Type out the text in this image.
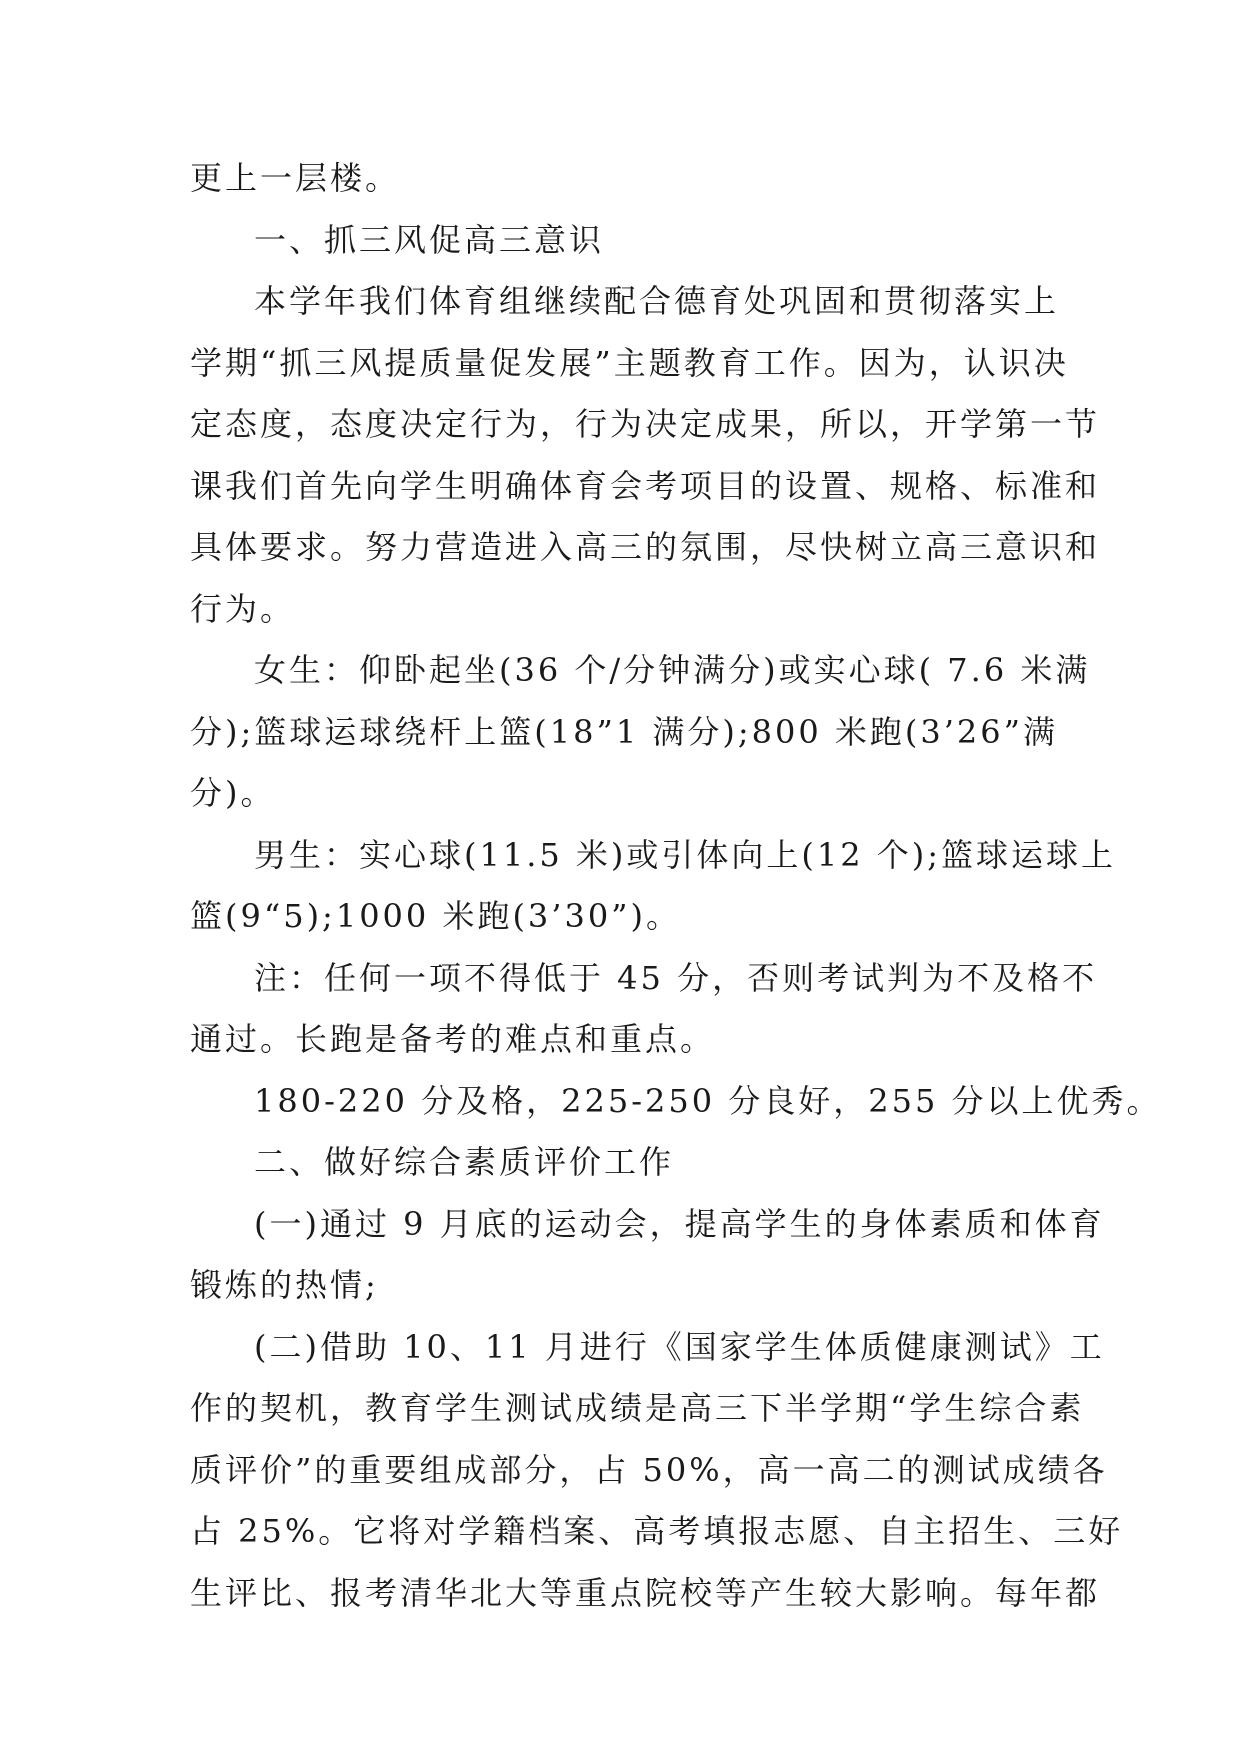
更上一层楼。
一、抓三风促高三意识
本学年我们体育组继续配合德育处巩固和贯彻落实上
学期“抓三风提质量促发展”主题教育工作。因为，认识决
定态度，态度决定行为，行为决定成果，所以，开学第一节
课我们首先向学生明确体育会考项目的设置、规格、标准和
具体要求。努力营造进入高三的氛围，尽快树立高三意识和
行为。
女生：仰卧起坐(36 个/分钟满分)或实心球( 7.6 米满
分);篮球运球绕杆上篮(18”1 满分);800 米跑(3’26”满
分)。
男生：实心球(11.5 米)或引体向上(12 个);篮球运球上
篮(9“5);1000 米跑(3’30”)。
注：任何一项不得低于 45 分，否则考试判为不及格不
通过。长跑是备考的难点和重点。
180-220 分及格，225-250 分良好，255 分以上优秀。
二、做好综合素质评价工作
(一)通过 9 月底的运动会，提高学生的身体素质和体育
锻炼的热情;
(二)借助 10、11 月进行《国家学生体质健康测试》工
作的契机，教育学生测试成绩是高三下半学期“学生综合素
质评价”的重要组成部分，占 50%，高一高二的测试成绩各
占 25%。它将对学籍档案、高考填报志愿、自主招生、三好
生评比、报考清华北大等重点院校等产生较大影响。每年都
